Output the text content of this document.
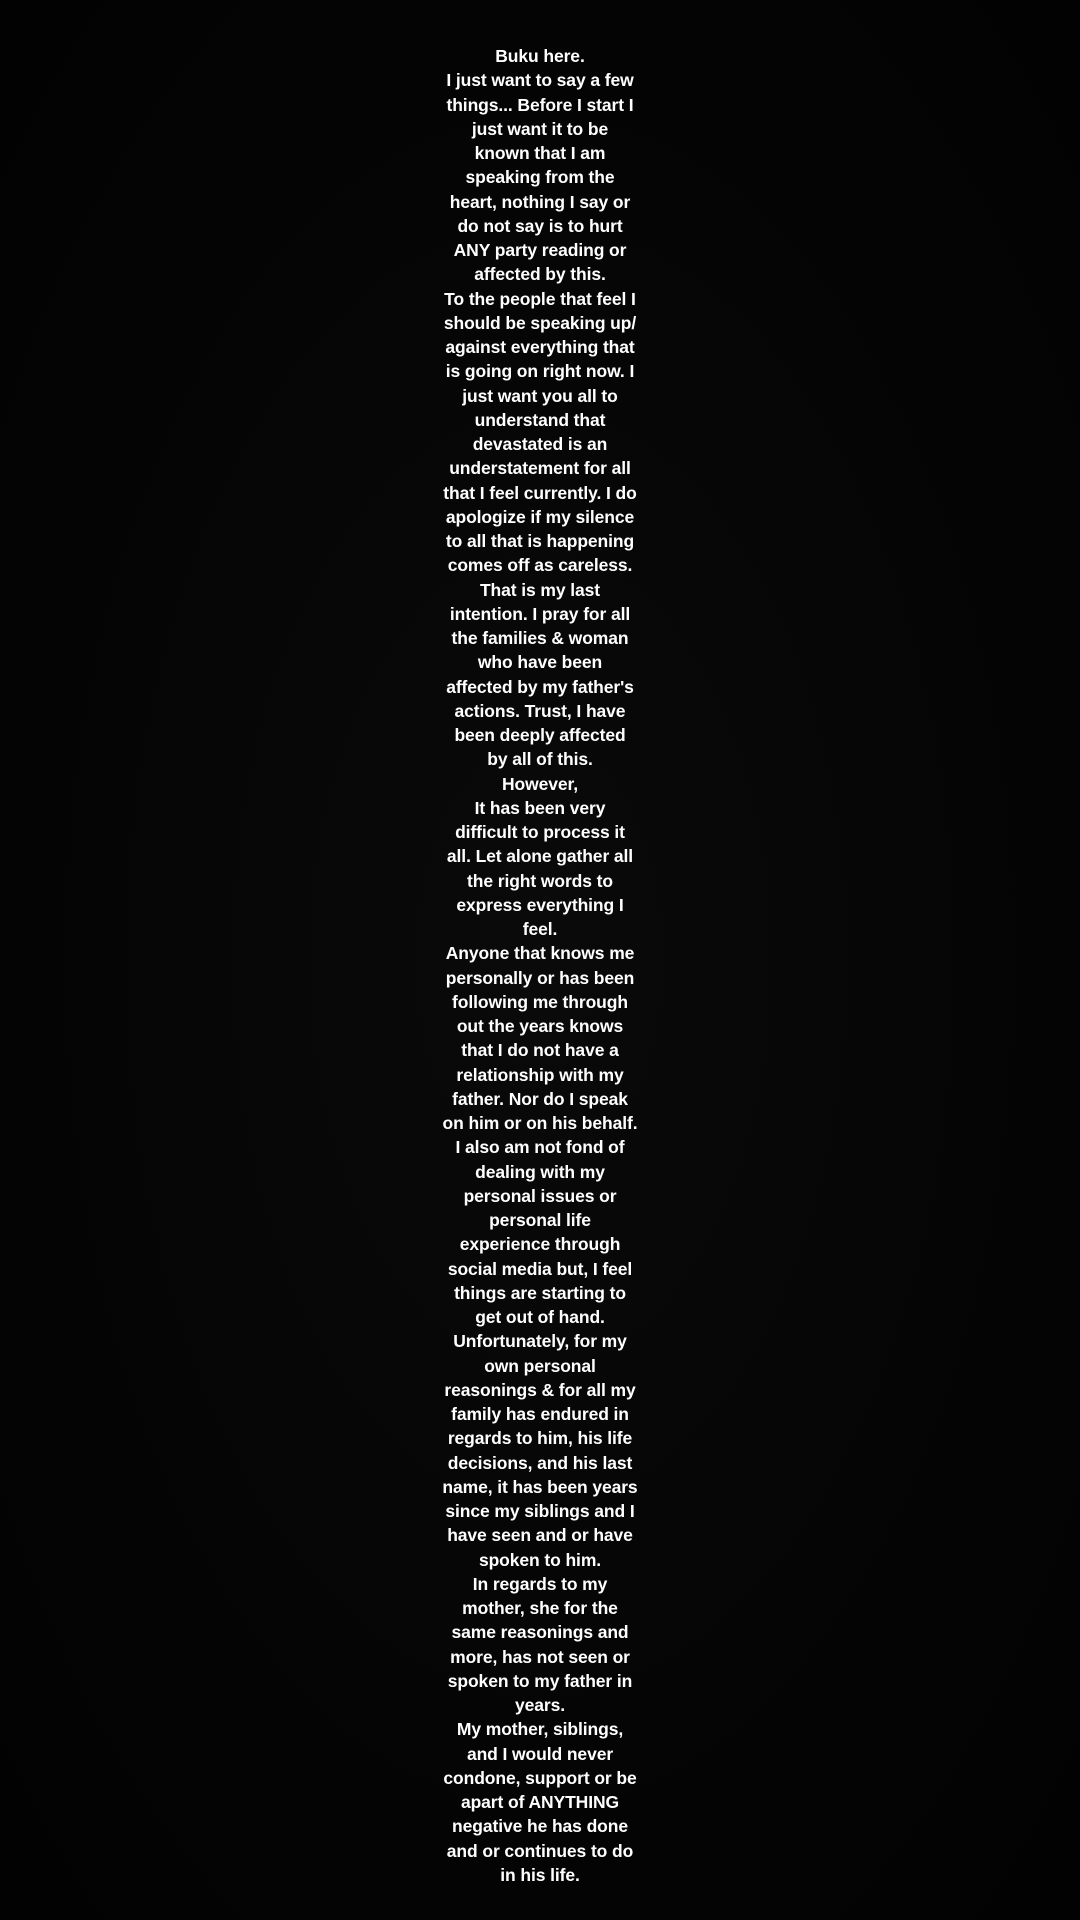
Buku here.
I just want to say a few
things... Before I start I
just want it to be
known that I am
speaking from the
heart, nothing I say or
do not say is to hurt
ANY party reading or
affected by this.
To the people that feel I
should be speaking up/
against everything that
is going on right now. I
just want you all to
understand that
devastated is an
understatement for all
that I feel currently. I do
apologize if my silence
to all that is happening
comes off as careless.
That is my last
intention. I pray for all
the families & woman
who have been
affected by my father's
actions. Trust, I have
been deeply affected
by all of this.
However,
It has been very
difficult to process it
all. Let alone gather all
the right words to
express everything I
feel.
Anyone that knows me
personally or has been
following me through
out the years knows
that I do not have a
relationship with my
father. Nor do I speak
on him or on his behalf.
I also am not fond of
dealing with my
personal issues or
personal life
experience through
social media but, I feel
things are starting to
get out of hand.
Unfortunately, for my
own personal
reasonings & for all my
family has endured in
regards to him, his life
decisions, and his last
name, it has been years
since my siblings and I
have seen and or have
spoken to him.
In regards to my
mother, she for the
same reasonings and
more, has not seen or
spoken to my father in
years.
My mother, siblings,
and I would never
condone, support or be
apart of ANYTHING
negative he has done
and or continues to do
in his life.
